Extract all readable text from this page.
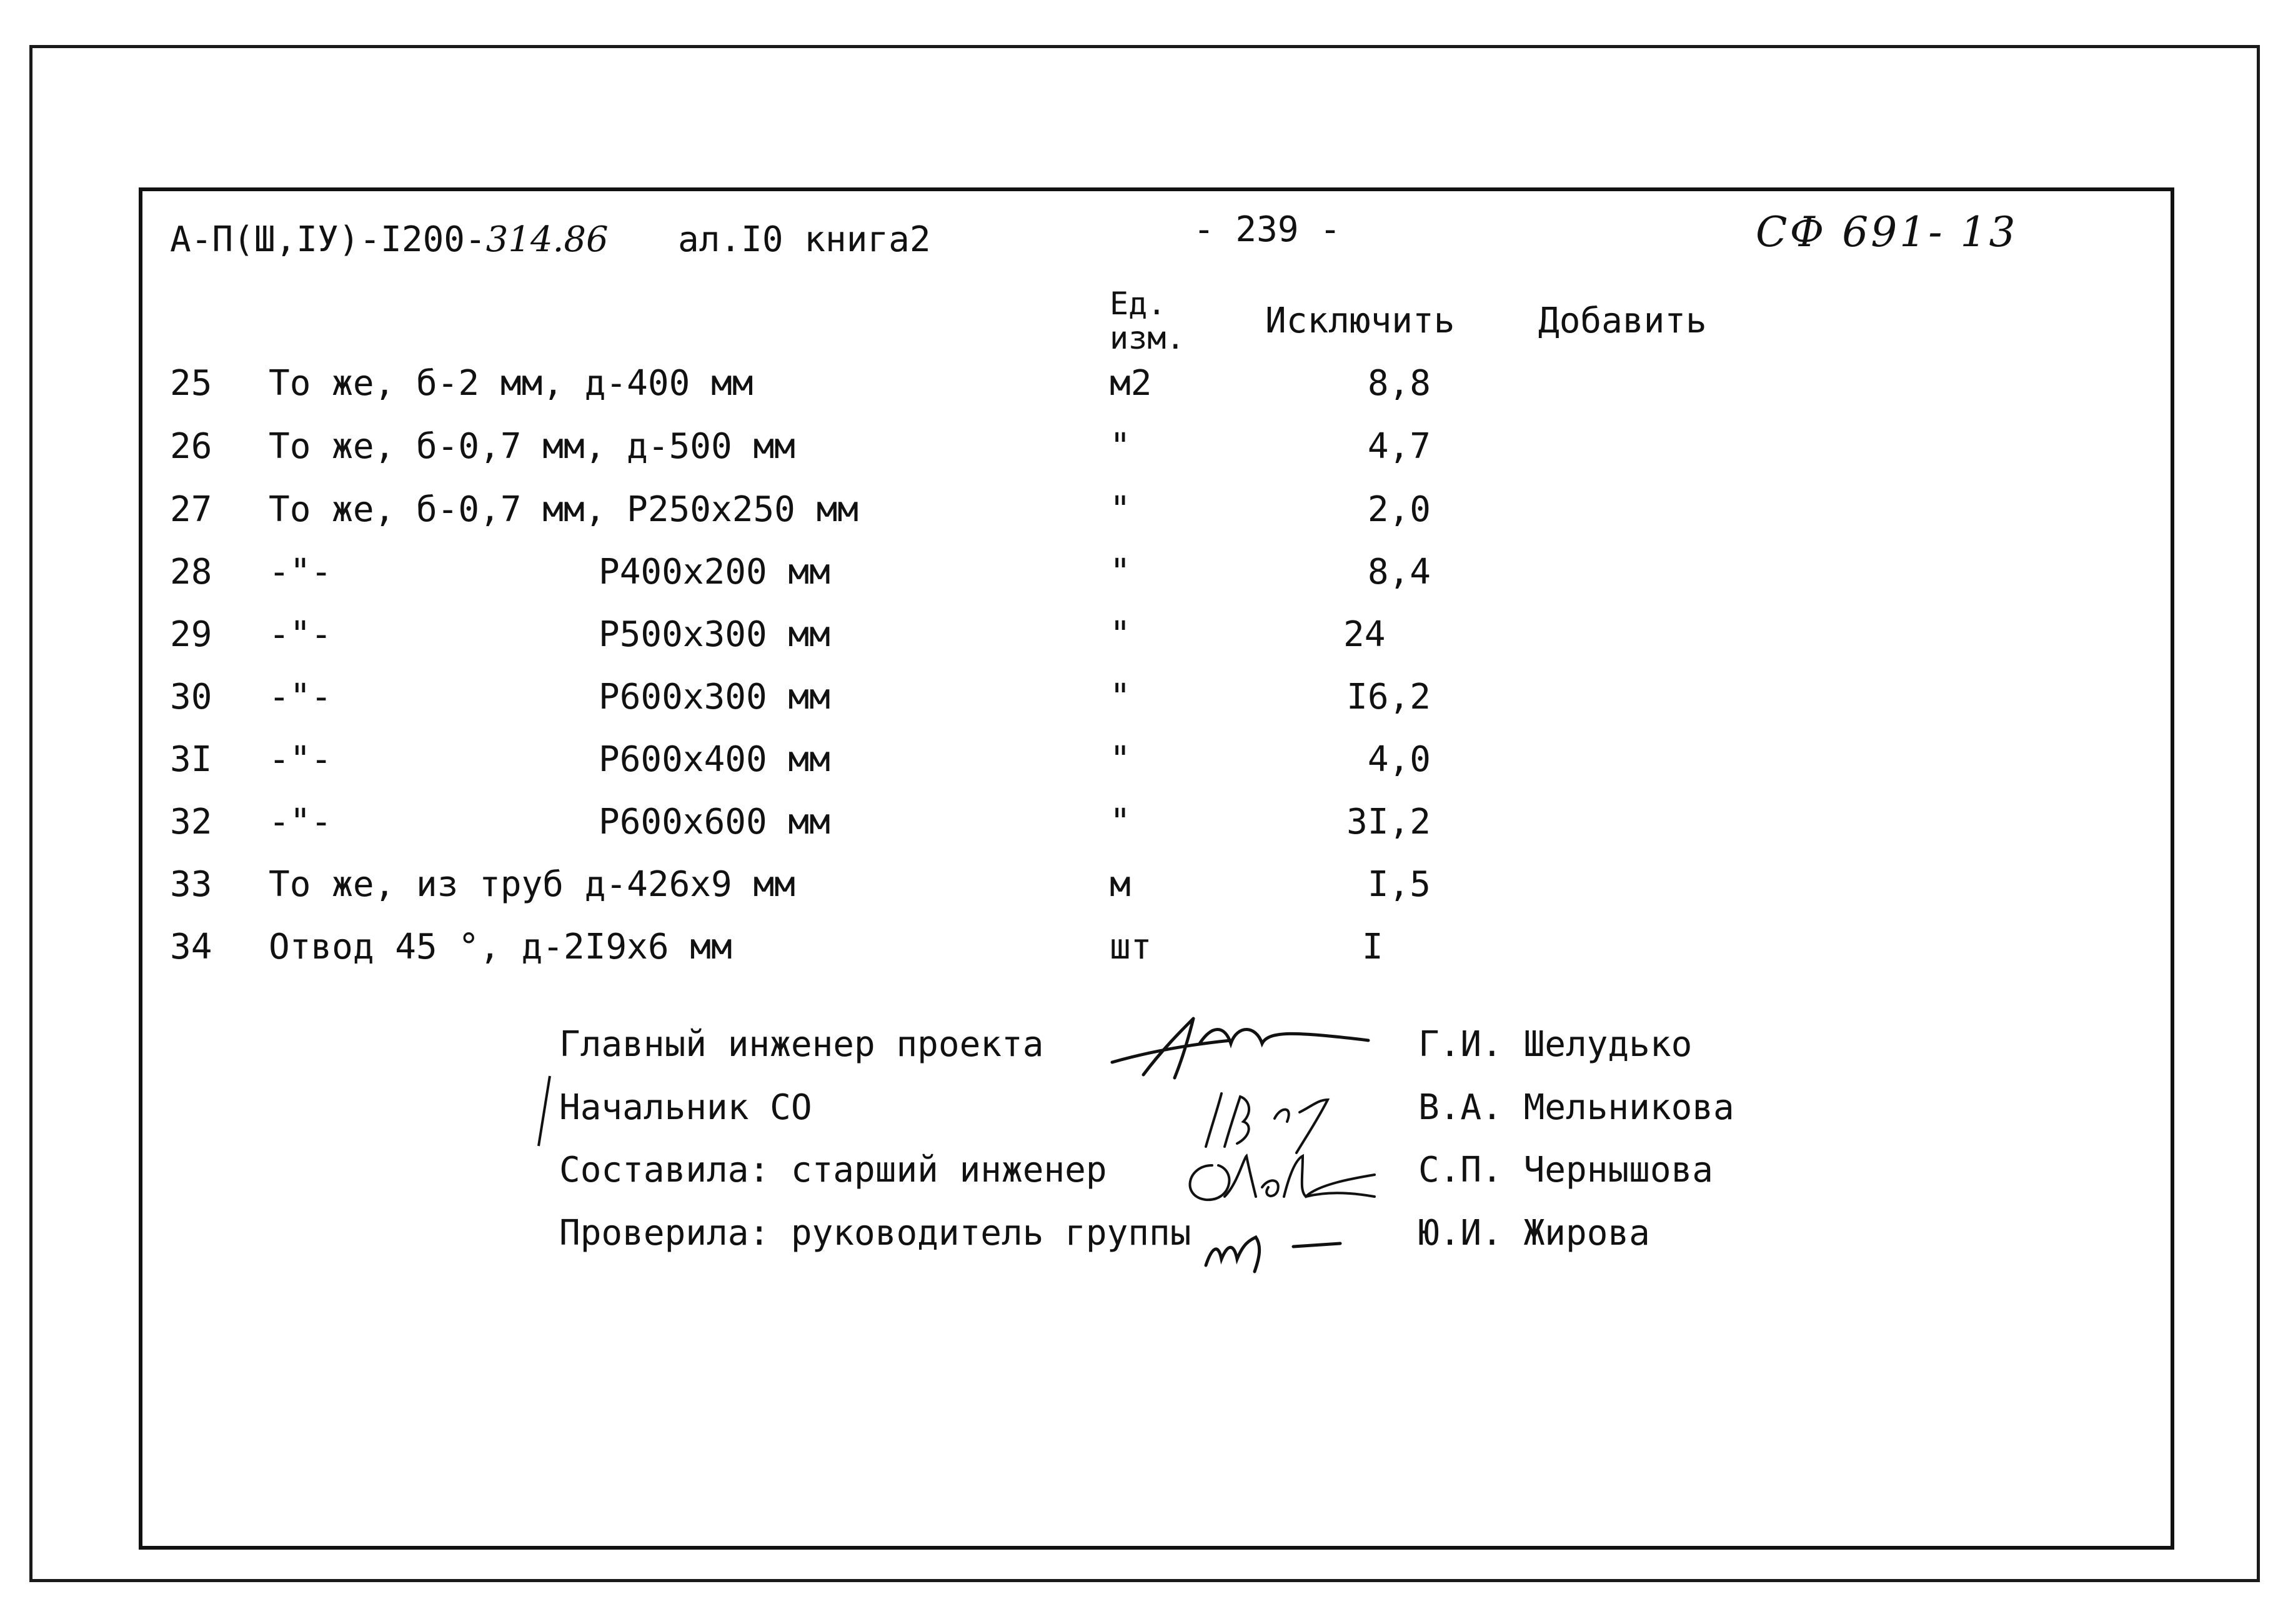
А-П(Ш,IУ)-I200-314.86 ал.I0 книга2	- 239 -	СФ 691- 13
Ед.
изм. Исключить Добавить
25 То же, б-2 мм, д-400 мм	м2	8,8
26 То же, б-0,7 мм, д-500 мм	"	4,7
27 То же, б-0,7 мм, Р250х250 мм	"	2,0
28 -"-	Р400х200 мм	"	8,4
29 -"-	Р500х300 мм	"	24
30 -"-	Р600х300 мм	"	I6,2
3I -"-	Р600х400 мм	"	4,0
32 -"-	Р600х600 мм	"	3I,2
33 То же, из труб д-426х9 мм	м	I,5
34 Отвод 45 °, д-2I9х6 мм	шт	I
Главный инженер проекта	Г.И. Шелудько
Начальник СО	В.А. Мельникова
Составила: старший инженер	С.П. Чернышова
Проверила: руководитель группы	Ю.И. Жирова
